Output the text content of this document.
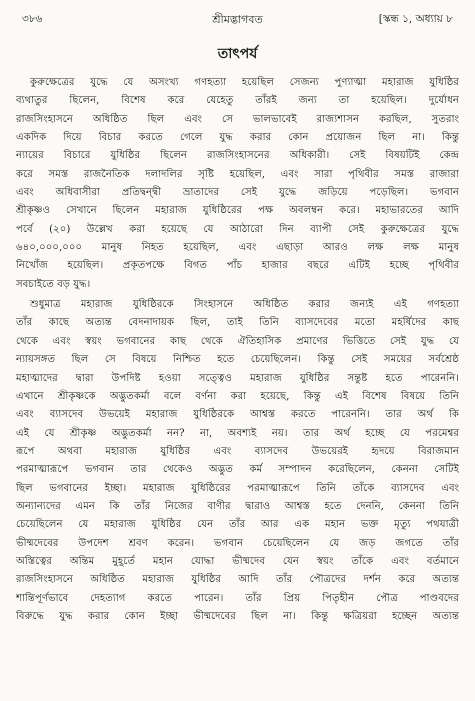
৩৮৬	শ্রীমদ্ভাগবত	[স্কন্ধ ১, অধ্যায় ৮
তাৎপর্য

কুরুক্ষেত্রের যুদ্ধে যে অসংখ্য গণহত্যা হয়েছিল সেজন্য পুণ্যাত্মা মহারাজ যুধিষ্ঠির
ব্যথাতুর ছিলেন, বিশেষ করে যেহেতু তাঁরই জন্য তা হয়েছিল। দুর্যোধন
রাজসিংহাসনে অধিষ্ঠিত ছিল এবং সে ভালভাবেই রাজ্যশাসন করছিল, সুতরাং
একদিক দিয়ে বিচার করতে গেলে যুদ্ধ করার কোন প্রয়োজন ছিল না। কিন্তু
ন্যায়ের বিচারে যুধিষ্ঠির ছিলেন রাজসিংহাসনের অধিকারী। সেই বিষয়টিই কেন্দ্র
করে সমস্ত রাজনৈতিক দলাদলির সৃষ্টি হয়েছিল, এবং সারা পৃথিবীর সমস্ত রাজারা
এবং অধিবাসীরা প্রতিদ্বন্দ্বী ভ্রাতাদের সেই যুদ্ধে জড়িয়ে পড়েছিল। ভগবান
শ্রীকৃষ্ণও সেখানে ছিলেন মহারাজ যুধিষ্ঠিরের পক্ষ অবলম্বন করে। মহাভারতের আদি
পর্বে (২০) উল্লেখ করা হয়েছে যে আঠারো দিন ব্যাপী সেই কুরুক্ষেত্রের যুদ্ধে
৬৪০,০০০,০০০ মানুষ নিহত হয়েছিল, এবং এছাড়া আরও লক্ষ লক্ষ মানুষ
নিখোঁজ হয়েছিল। প্রকৃতপক্ষে বিগত পাঁচ হাজার বছরে এটিই হচ্ছে পৃথিবীর
সবচাইতে বড় যুদ্ধ।

শুধুমাত্র মহারাজ যুধিষ্ঠিরকে সিংহাসনে অধিষ্ঠিত করার জন্যই এই গণহত্যা
তাঁর কাছে অত্যন্ত বেদনাদায়ক ছিল, তাই তিনি ব্যাসদেবের মতো মহর্ষিদের কাছ
থেকে এবং স্বয়ং ভগবানের কাছ থেকে ঐতিহাসিক প্রমাণের ভিত্তিতে সেই যুদ্ধ যে
ন্যায়সঙ্গত ছিল সে বিষয়ে নিশ্চিত হতে চেয়েছিলেন। কিন্তু সেই সময়ের সর্বশ্রেষ্ঠ
মহাত্মাদের দ্বারা উপদিষ্ট হওয়া সত্ত্বেও মহারাজ যুধিষ্ঠির সন্তুষ্ট হতে পারেননি।
এখানে শ্রীকৃষ্ণকে অদ্ভুতকর্মা বলে বর্ণনা করা হয়েছে, কিন্তু এই বিশেষ বিষয়ে তিনি
এবং ব্যাসদেব উভয়েই মহারাজ যুধিষ্ঠিরকে আশ্বস্ত করতে পারেননি। তার অর্থ কি
এই যে শ্রীকৃষ্ণ অদ্ভুতকর্মা নন? না, অবশ্যই নয়। তার অর্থ হচ্ছে যে পরমেশ্বর
রূপে অথবা মহারাজ যুধিষ্ঠির এবং ব্যাসদেব উভয়েরই হৃদয়ে বিরাজমান
পরমাত্মারূপে ভগবান তার থেকেও অদ্ভুত কর্ম সম্পাদন করেছিলেন, কেননা সেটিই
ছিল ভগবানের ইচ্ছা। মহারাজ যুধিষ্ঠিরের পরমাত্মারূপে তিনি তাঁকে ব্যাসদেব এবং
অন্যান্যদের এমন কি তাঁর নিজের বাণীর দ্বারাও আশ্বস্ত হতে দেননি, কেননা তিনি
চেয়েছিলেন যে মহারাজ যুধিষ্ঠির যেন তাঁর আর এক মহান ভক্ত মৃত্যু পথযাত্রী
ভীষ্মদেবের উপদেশ শ্রবণ করেন। ভগবান চেয়েছিলেন যে জড় জগতে তাঁর
অস্তিত্বের অন্তিম মুহূর্তে মহান যোদ্ধা ভীষ্মদেব যেন স্বয়ং তাঁকে এবং বর্তমানে
রাজসিংহাসনে অধিষ্ঠিত মহারাজ যুধিষ্ঠির আদি তাঁর পৌত্রদের দর্শন করে অত্যন্ত
শান্তিপূর্ণভাবে দেহত্যাগ করতে পারেন। তাঁর প্রিয় পিতৃহীন পৌত্র পাণ্ডবদের
বিরুদ্ধে যুদ্ধ করার কোন ইচ্ছা ভীষ্মদেবের ছিল না। কিন্তু ক্ষত্রিয়রা হচ্ছেন অত্যন্ত
